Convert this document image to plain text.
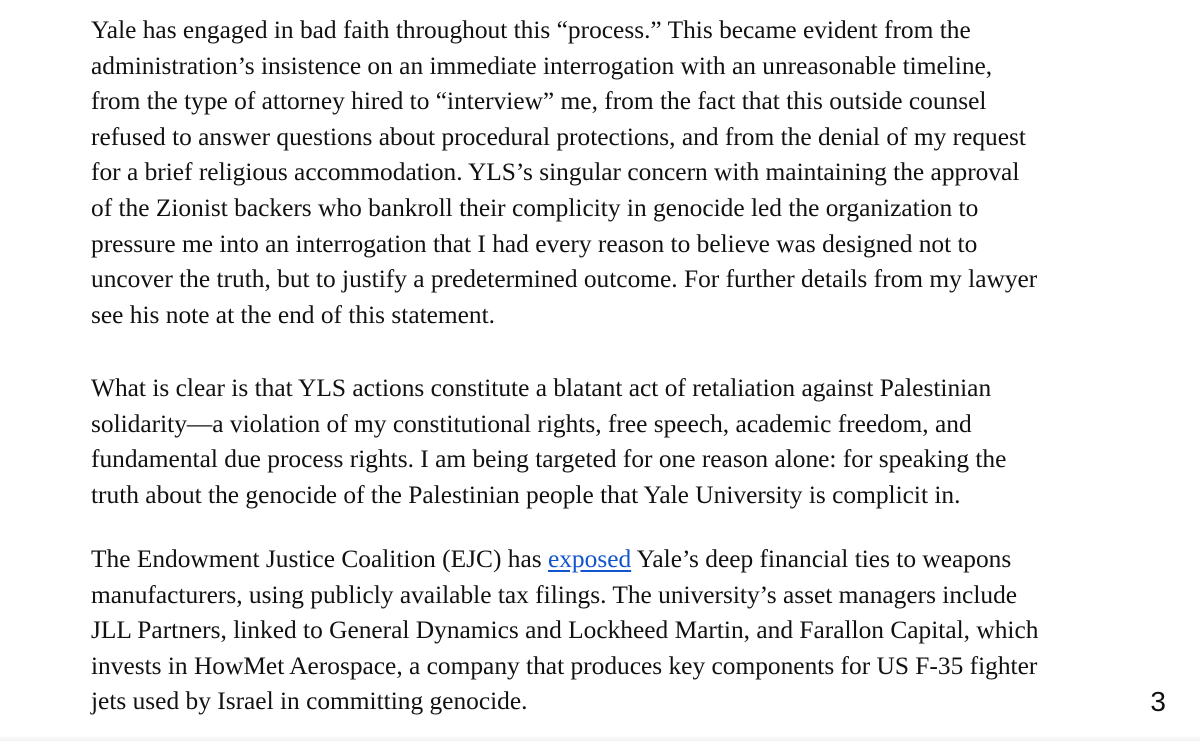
Yale has engaged in bad faith throughout this “process.” This became evident from the
administration’s insistence on an immediate interrogation with an unreasonable timeline,
from the type of attorney hired to “interview” me, from the fact that this outside counsel
refused to answer questions about procedural protections, and from the denial of my request
for a brief religious accommodation. YLS’s singular concern with maintaining the approval
of the Zionist backers who bankroll their complicity in genocide led the organization to
pressure me into an interrogation that I had every reason to believe was designed not to
uncover the truth, but to justify a predetermined outcome. For further details from my lawyer
see his note at the end of this statement.

What is clear is that YLS actions constitute a blatant act of retaliation against Palestinian
solidarity—a violation of my constitutional rights, free speech, academic freedom, and
fundamental due process rights. I am being targeted for one reason alone: for speaking the
truth about the genocide of the Palestinian people that Yale University is complicit in.

The Endowment Justice Coalition (EJC) has exposed Yale’s deep financial ties to weapons
manufacturers, using publicly available tax filings. The university’s asset managers include
JLL Partners, linked to General Dynamics and Lockheed Martin, and Farallon Capital, which
invests in HowMet Aerospace, a company that produces key components for US F-35 fighter
jets used by Israel in committing genocide.	3
